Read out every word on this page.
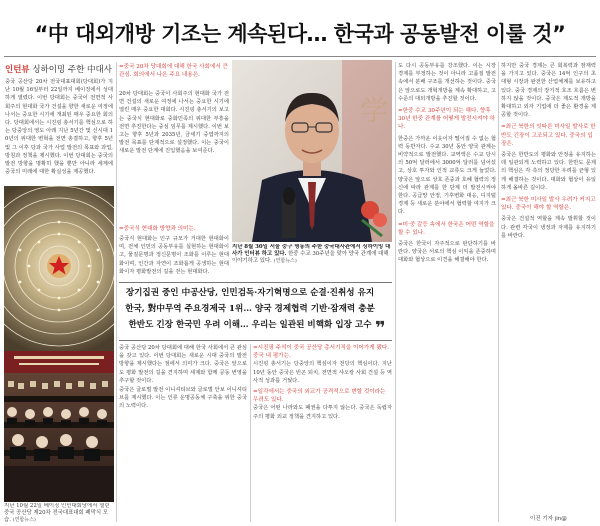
“中 대외개방 기조는 계속된다… 한국과 공동발전 이룰 것”
인턴뷰 싱하이밍 주한 中대사

중국 공산당 20차 전국대표대회(당대회)가 지난 10월 16일부터 22일까지 베이징에서 성대하게 열렸다. 이번 당대회는 중국이 전면적 사회주의 현대화 국가 건설을 향한 새로운 여정에 나서는 중요한 시기에 개최된 매우 중요한 회의다. 당대회에서는 시진핑 총서기를 핵심으로 하는 당중앙의 영도 아래 지난 5년간 및 신시대 10년의 위대한 변혁을 전면 총결하고, 향후 5년 및 그 이후 당과 국가 사업 발전의 목표와 과업, 방침과 정책을 제시했다. 이번 당대회는 중국의 발전 방향을 명확히 했을 뿐만 아니라 세계에 중국의 미래에 대한 확실성을 제공했다.

지난 10월 22일 베이징 인민대회당에서 열린 중국 공산당 제20차 전국대표대회 폐막식 모습. (연합뉴스)
=중국 20차 당대회에 대해 한국 사회에서 큰 관심. 회의에서 나온 주요 내용은.

20차 당대회는 중국이 사회주의 현대화 국가 전면 건설의 새로운 여정에 나서는 중요한 시기에 열린 매우 중요한 대회다. 시진핑 총서기의 보고는 중국식 현대화로 중화민족의 위대한 부흥을 전면 추진한다는 중심 임무를 제시했다. 이번 보고는 향후 5년과 2035년, 금세기 중엽까지의 발전 목표를 단계적으로 설정했다. 이는 중국이 새로운 발전 단계에 진입했음을 보여준다.

=중국식 현대화 방향과 의미는.

중국식 현대화는 인구 규모가 거대한 현대화이며, 전체 인민의 공동부유를 실현하는 현대화이고, 물질문명과 정신문명이 조화를 이루는 현대화이며, 인간과 자연이 조화롭게 공생하는 현대화이자 평화발전의 길을 걷는 현대화다.

学
지난 8월 30일 서울 중구 명동의 주한 중국대사관에서 싱하이밍 대사가 인터뷰 하고 있다. 한중 수교 30주년을 맞아 양국 관계에 대해 이야기하고 있다. (연합뉴스)
장기집권 중인 中공산당, 인민검독·자기혁명으로 순결·진취성 유지
한국, 對中무역 주요경제국 1위… 양국 경제협력 기반·잠재력 충분
한반도 긴장 한국민 우려 이해… 우리는 일관된 비핵화 입장 고수 ❞

중국 공산당 20차 당대회에 대해 한국 사회에서 큰 관심을 갖고 있다. 이번 당대회는 새로운 시대 중국의 발전 방향을 제시했다는 점에서 의미가 크다. 중국은 앞으로도 평화 발전의 길을 견지하며 세계와 함께 공동 번영을 추구할 것이다.

중국은 글로벌 발전 이니셔티브와 글로벌 안보 이니셔티브를 제시했다. 이는 인류 운명공동체 구축을 위한 중국의 노력이다.

=시진핑 주석이 중국 공산당 총서기직을 이어가게 됐다. 중국 내 평가는.

시진핑 총서기는 당중앙의 핵심이자 전당의 핵심이다. 지난 10년 동안 중국은 빈곤 퇴치, 전면적 샤오캉 사회 건설 등 역사적 성과를 거뒀다.

=일각에서는 중국의 외교가 공격적으로 변할 것이라는 우려도 있다.

중국은 어떤 나라와도 패권을 다투지 않는다. 중국은 독립자주의 평화 외교 정책을 견지하고 있다.

도 다시 공동부유를 강조했다. 이는 시장 경제를 부정하는 것이 아니라 고품질 발전 속에서 분배 구조를 개선하는 것이다. 중국은 앞으로도 개혁개방을 계속 확대하고, 고수준의 대외개방을 추진할 것이다.

=한중 수교 30주년이 되는 해다. 향후 30년 한중 관계를 어떻게 발전시켜야 하나.

한중은 가까운 이웃이자 떨어질 수 없는 협력 동반자다. 수교 30년 동안 양국 관계는 비약적으로 발전했다. 교역액은 수교 당시의 50억 달러에서 3000억 달러를 넘어섰고, 상호 투자와 인적 교류도 크게 늘었다. 양국은 앞으로 상호 존중과 호혜 협력의 정신에 따라 관계를 한 단계 더 발전시켜야 한다. 공급망 안정, 기후변화 대응, 디지털 경제 등 새로운 분야에서 협력할 여지가 크다.

=미·중 갈등 속에서 한국은 어떤 역할을 할 수 있나.

중국은 한국이 자주적으로 판단하기를 바란다. 양국은 서로의 핵심 이익을 존중하며 대화와 협상으로 이견을 해결해야 한다.

하지만 중국 경제는 큰 회복력과 잠재력을 가지고 있다. 중국은 14억 인구의 초대형 시장과 완전한 산업체계를 보유하고 있다. 중국 경제의 장기적 호조 흐름은 변하지 않을 것이다. 중국은 제도적 개방을 확대하고 외자 기업에 더 좋은 환경을 제공할 것이다.

=최근 북한의 잇따른 미사일 발사로 한반도 긴장이 고조되고 있다. 중국의 입장은.

중국은 한반도의 평화와 안정을 유지하는 데 일관되게 노력하고 있다. 한반도 문제의 핵심은 각 측의 정당한 우려를 균형 있게 해결하는 것이다. 대화와 협상이 유일하게 올바른 길이다.

=최근 북한 미사일 발사 우려가 커지고 있다. 중국이 해야 할 역할은.

중국은 건설적 역할을 계속 발휘할 것이다. 관련 각국이 냉정과 자제를 유지하기를 바란다.

이진 기자 jin@
